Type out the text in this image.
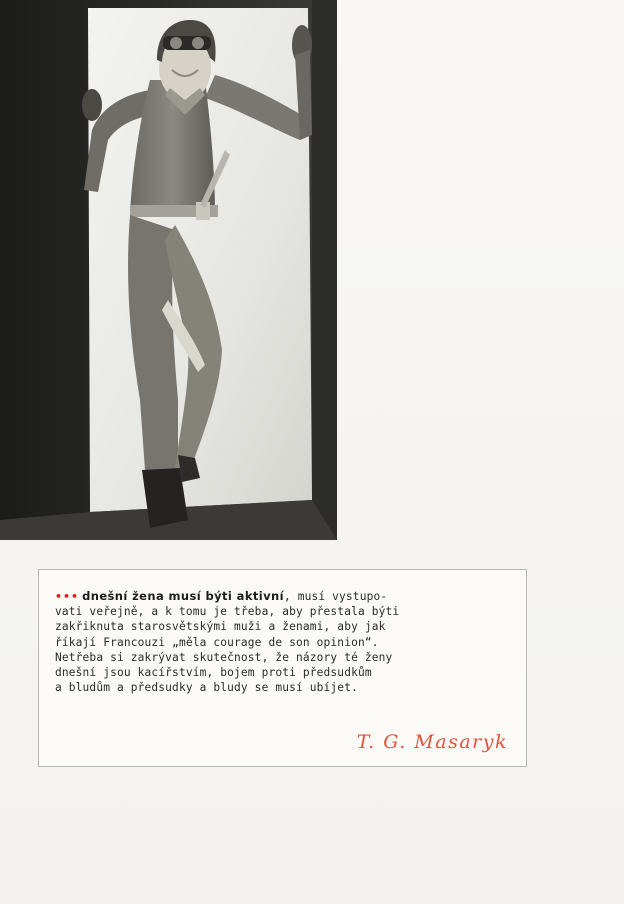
••• dnešní žena musí býti aktivní, musí vystupo-
vati veřejně, a k tomu je třeba, aby přestala býti
zakřiknuta starosvětskými muži a ženami, aby jak
říkají Francouzi „měla courage de son opinion“.
Netřeba si zakrývat skutečnost, že názory té ženy
dnešní jsou kacířstvím, bojem proti předsudkům
a bludům a předsudky a bludy se musí ubíjet.
T. G. Masaryk
